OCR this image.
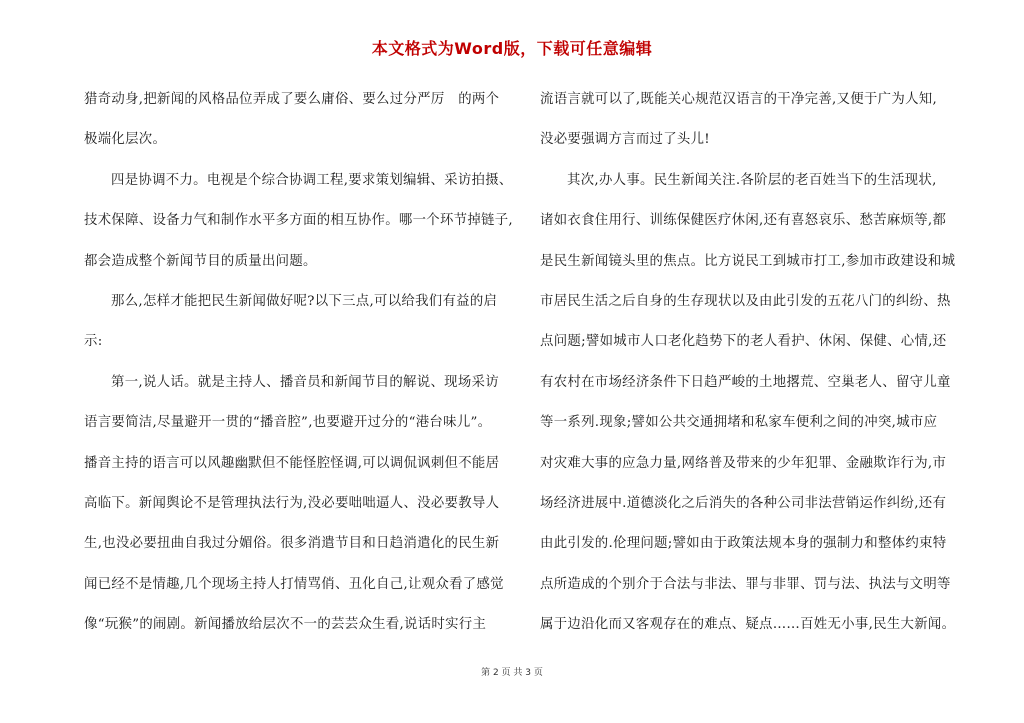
本文格式为Word版，下载可任意编辑
猎奇动身,把新闻的风格品位弄成了要么庸俗、要么过分严厉　的两个
极端化层次。
四是协调不力。电视是个综合协调工程,要求策划编辑、采访拍摄、
技术保障、设备力气和制作水平多方面的相互协作。哪一个环节掉链子,
都会造成整个新闻节目的质量出问题。
那么,怎样才能把民生新闻做好呢?以下三点,可以给我们有益的启
示:
第一,说人话。就是主持人、播音员和新闻节目的解说、现场采访
语言要简洁,尽量避开一贯的“播音腔”,也要避开过分的“港台味儿”。
播音主持的语言可以风趣幽默但不能怪腔怪调,可以调侃讽刺但不能居
高临下。新闻舆论不是管理执法行为,没必要咄咄逼人、没必要教导人
生,也没必要扭曲自我过分媚俗。很多消遣节目和日趋消遣化的民生新
闻已经不是情趣,几个现场主持人打情骂俏、丑化自己,让观众看了感觉
像“玩猴”的闹剧。新闻播放给层次不一的芸芸众生看,说话时实行主
流语言就可以了,既能关心规范汉语言的干净完善,又便于广为人知,
没必要强调方言而过了头儿!
其次,办人事。民生新闻关注.各阶层的老百姓当下的生活现状,
诸如衣食住用行、训练保健医疗休闲,还有喜怒哀乐、愁苦麻烦等,都
是民生新闻镜头里的焦点。比方说民工到城市打工,参加市政建设和城
市居民生活之后自身的生存现状以及由此引发的五花八门的纠纷、热
点问题;譬如城市人口老化趋势下的老人看护、休闲、保健、心情,还
有农村在市场经济条件下日趋严峻的土地撂荒、空巢老人、留守儿童
等一系列.现象;譬如公共交通拥堵和私家车便利之间的冲突,城市应
对灾难大事的应急力量,网络普及带来的少年犯罪、金融欺诈行为,市
场经济进展中.道德淡化之后消失的各种公司非法营销运作纠纷,还有
由此引发的.伦理问题;譬如由于政策法规本身的强制力和整体约束特
点所造成的个别介于合法与非法、罪与非罪、罚与法、执法与文明等
属于边沿化而又客观存在的难点、疑点……百姓无小事,民生大新闻。
第 2 页 共 3 页
